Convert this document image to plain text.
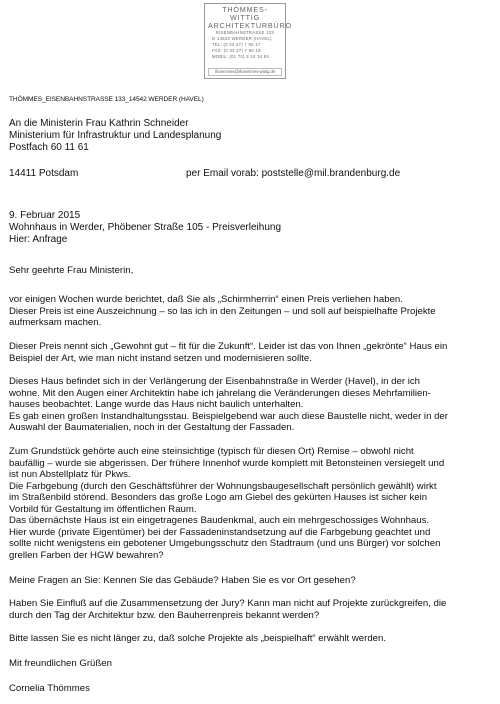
THÖMMES-WITTIG
ARCHITEKTURBÜRO
EISENBAHNSTRASSE 133
D-14542 WERDER (HAVEL)
TEL: (0 33 27) 7 90 17
FAX: (0 33 27) 7 90 19
MOBIL: (01 70) 2 24 34 84
thoemmes@thoemmes-wittig.de
THÖMMES_EISENBAHNSTRASSE 133_14542 WERDER (HAVEL)
An die Ministerin Frau Kathrin Schneider
Ministerium für Infrastruktur und Landesplanung
Postfach 60 11 61
14411 Potsdam	per Email vorab: poststelle@mil.brandenburg.de
9. Februar 2015
Wohnhaus in Werder, Phöbener Straße 105 - Preisverleihung
Hier: Anfrage
Sehr geehrte Frau Ministerin,
vor einigen Wochen wurde berichtet, daß Sie als „Schirmherrin“ einen Preis verliehen haben.
Dieser Preis ist eine Auszeichnung – so las ich in den Zeitungen – und soll auf beispielhafte Projekte
aufmerksam machen.
Dieser Preis nennt sich „Gewohnt gut – fit für die Zukunft“. Leider ist das von Ihnen „gekrönte“ Haus ein
Beispiel der Art, wie man nicht instand setzen und modernisieren sollte.
Dieses Haus befindet sich in der Verlängerung der Eisenbahnstraße in Werder (Havel), in der ich
wohne. Mit den Augen einer Architektin habe ich jahrelang die Veränderungen dieses Mehrfamilien-
hauses beobachtet. Lange wurde das Haus nicht baulich unterhalten.
Es gab einen großen Instandhaltungsstau. Beispielgebend war auch diese Baustelle nicht, weder in der
Auswahl der Baumaterialien, noch in der Gestaltung der Fassaden.
Zum Grundstück gehörte auch eine steinsichtige (typisch für diesen Ort) Remise – obwohl nicht
baufällig – wurde sie abgerissen. Der frühere Innenhof wurde komplett mit Betonsteinen versiegelt und
ist nun Abstellplatz für Pkws.
Die Farbgebung (durch den Geschäftsführer der Wohnungsbaugesellschaft persönlich gewählt) wirkt
im Straßenbild störend. Besonders das große Logo am Giebel des gekürten Hauses ist sicher kein
Vorbild für Gestaltung im öffentlichen Raum.
Das übernächste Haus ist ein eingetragenes Baudenkmal, auch ein mehrgeschossiges Wohnhaus.
Hier wurde (private Eigentümer) bei der Fassadeninstandsetzung auf die Farbgebung geachtet und
sollte nicht wenigstens ein gebotener Umgebungsschutz den Stadtraum (und uns Bürger) vor solchen
grellen Farben der HGW bewahren?
Meine Fragen an Sie: Kennen Sie das Gebäude? Haben Sie es vor Ort gesehen?
Haben Sie Einfluß auf die Zusammensetzung der Jury? Kann man nicht auf Projekte zurückgreifen, die
durch den Tag der Architektur bzw. den Bauherrenpreis bekannt werden?
Bitte lassen Sie es nicht länger zu, daß solche Projekte als „beispielhaft“ erwählt werden.
Mit freundlichen Grüßen
Cornelia Thömmes
